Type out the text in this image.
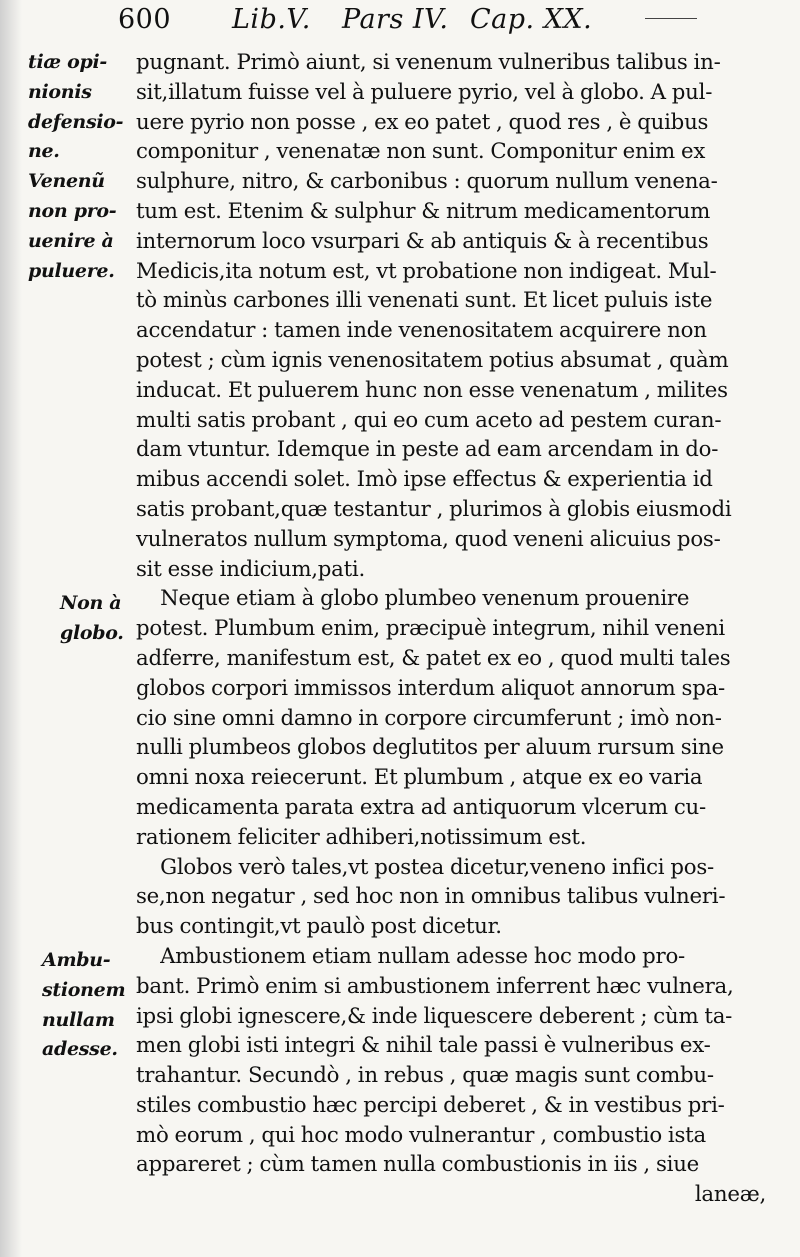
600 Lib.V. Pars IV. Cap. XX.
tiæ opi-
nionis
defensio-
ne.
Venenũ
non pro-
uenire à
puluere.
Non à
globo.
Ambu-
stionem
nullam
adesse.
pugnant. Primò aiunt, si venenum vulneribus talibus in-
sit,illatum fuisse vel à puluere pyrio, vel à globo. A pul-
uere pyrio non posse , ex eo patet , quod res , è quibus
componitur , venenatæ non sunt. Componitur enim ex
sulphure, nitro, & carbonibus : quorum nullum venena-
tum est. Etenim & sulphur & nitrum medicamentorum
internorum loco vsurpari & ab antiquis & à recentibus
Medicis,ita notum est, vt probatione non indigeat. Mul-
tò minùs carbones illi venenati sunt. Et licet puluis iste
accendatur : tamen inde venenositatem acquirere non
potest ; cùm ignis venenositatem potius absumat , quàm
inducat. Et puluerem hunc non esse venenatum , milites
multi satis probant , qui eo cum aceto ad pestem curan-
dam vtuntur. Idemque in peste ad eam arcendam in do-
mibus accendi solet. Imò ipse effectus & experientia id
satis probant,quæ testantur , plurimos à globis eiusmodi
vulneratos nullum symptoma, quod veneni alicuius pos-
sit esse indicium,pati.
Neque etiam à globo plumbeo venenum prouenire
potest. Plumbum enim, præcipuè integrum, nihil veneni
adferre, manifestum est, & patet ex eo , quod multi tales
globos corpori immissos interdum aliquot annorum spa-
cio sine omni damno in corpore circumferunt ; imò non-
nulli plumbeos globos deglutitos per aluum rursum sine
omni noxa reiecerunt. Et plumbum , atque ex eo varia
medicamenta parata extra ad antiquorum vlcerum cu-
rationem feliciter adhiberi,notissimum est.
Globos verò tales,vt postea dicetur,veneno infici pos-
se,non negatur , sed hoc non in omnibus talibus vulneri-
bus contingit,vt paulò post dicetur.
Ambustionem etiam nullam adesse hoc modo pro-
bant. Primò enim si ambustionem inferrent hæc vulnera,
ipsi globi ignescere,& inde liquescere deberent ; cùm ta-
men globi isti integri & nihil tale passi è vulneribus ex-
trahantur. Secundò , in rebus , quæ magis sunt combu-
stiles combustio hæc percipi deberet , & in vestibus pri-
mò eorum , qui hoc modo vulnerantur , combustio ista
appareret ; cùm tamen nulla combustionis in iis , siue
laneæ,
